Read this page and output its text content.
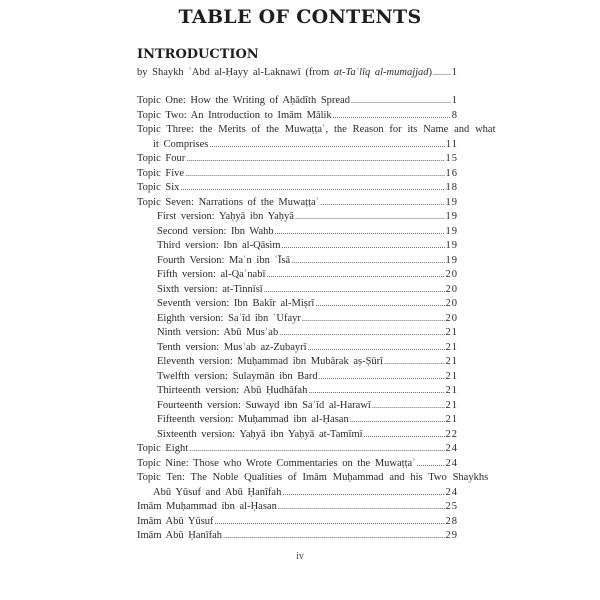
TABLE OF CONTENTS
INTRODUCTION
by Shaykh ʿAbd al-Ḥayy al-Laknawī (from at-Taʿlīq al-mumajjad) ..... 1
Topic One: How the Writing of Aḥādīth Spread .....	1
Topic Two: An Introduction to Imām Mālik .....	8
Topic Three: the Merits of the Muwaṭṭaʾ, the Reason for its Name and what
it Comprises .....	11
Topic Four .....	15
Topic Five .....	16
Topic Six .....	18
Topic Seven: Narrations of the Muwaṭṭaʾ .....	19
First version: Yaḥyā ibn Yaḥyā .....	19
Second version: Ibn Wahb .....	19
Third version: Ibn al-Qāsim .....	19
Fourth Version: Maʿn ibn ʿĪsā .....	19
Fifth version: al-Qaʿnabī .....	20
Sixth version: at-Tinnīsī .....	20
Seventh version: Ibn Bakīr al-Miṣrī .....	20
Eighth version: Saʿīd ibn ʿUfayr .....	20
Ninth version: Abū Musʿab .....	21
Tenth version: Musʿab az-Zubayrī .....	21
Eleventh version: Muḥammad ibn Mubārak aṣ-Ṣūrī .....	21
Twelfth version: Sulaymān ibn Bard .....	21
Thirteenth version: Abū Ḥudhāfah .....	21
Fourteenth version: Suwayd ibn Saʿīd al-Harawī .....	21
Fifteenth version: Muḥammad ibn al-Ḥasan .....	21
Sixteenth version: Yaḥyā ibn Yaḥyā at-Tamīmī .....	22
Topic Eight .....	24
Topic Nine: Those who Wrote Commentaries on the Muwaṭṭaʾ .....	24
Topic Ten: The Noble Qualities of Imām Muḥammad and his Two Shaykhs
Abū Yūsuf and Abū Ḥanīfah .....	24
Imām Muḥammad ibn al-Ḥasan .....	25
Imām Abū Yūsuf .....	28
Imām Abū Ḥanīfah .....	29
iv
